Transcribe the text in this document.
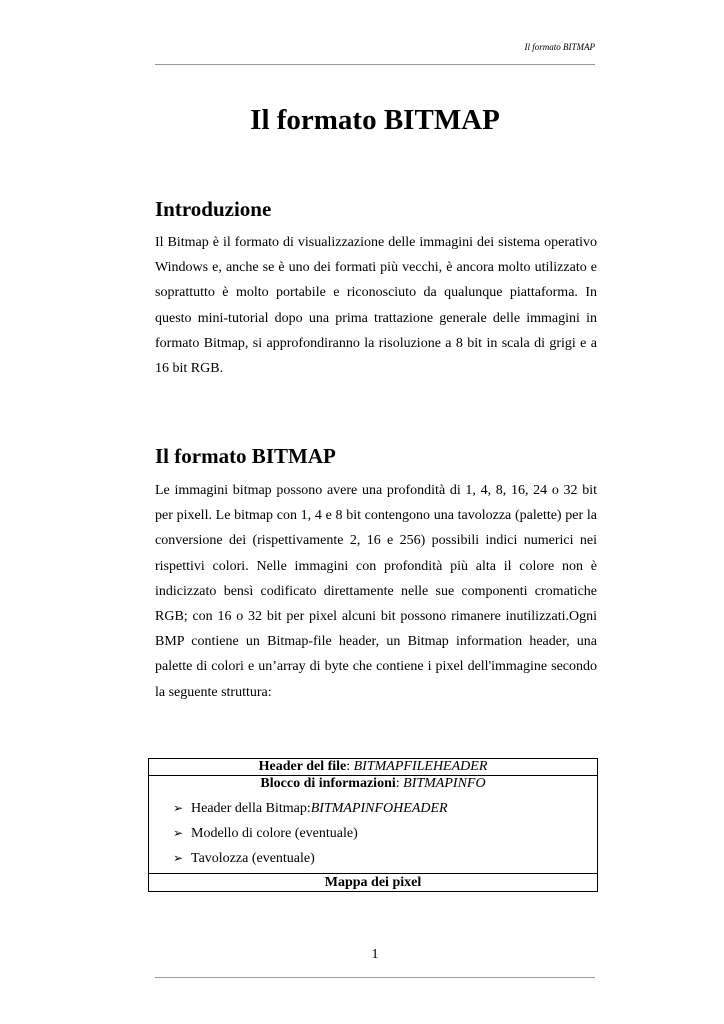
Il formato BITMAP
Il formato BITMAP
Introduzione

Il Bitmap è il formato di visualizzazione delle immagini dei sistema operativo Windows e, anche se è uno dei formati più vecchi, è ancora molto utilizzato e soprattutto è molto portabile e riconosciuto da qualunque piattaforma. In questo mini-tutorial dopo una prima trattazione generale delle immagini in formato Bitmap, si approfondiranno la risoluzione a 8 bit in scala di grigi e a 16 bit RGB.

Il formato BITMAP

Le immagini bitmap possono avere una profondità di 1, 4, 8, 16, 24 o 32 bit per pixell. Le bitmap con 1, 4 e 8 bit contengono una tavolozza (palette) per la conversione dei (rispettivamente 2, 16 e 256) possibili indici numerici nei rispettivi colori. Nelle immagini con profondità più alta il colore non è indicizzato bensì codificato direttamente nelle sue componenti cromatiche RGB; con 16 o 32 bit per pixel alcuni bit possono rimanere inutilizzati.Ogni BMP contiene un Bitmap-file header, un Bitmap information header, una palette di colori e un’array di byte che contiene i pixel dell'immagine secondo la seguente struttura:

Header del file: BITMAPFILEHEADER
Blocco di informazioni: BITMAPINFO
➢ Header della Bitmap: BITMAPINFOHEADER
➢ Modello di colore (eventuale)
➢ Tavolozza (eventuale)
Mappa dei pixel
1
